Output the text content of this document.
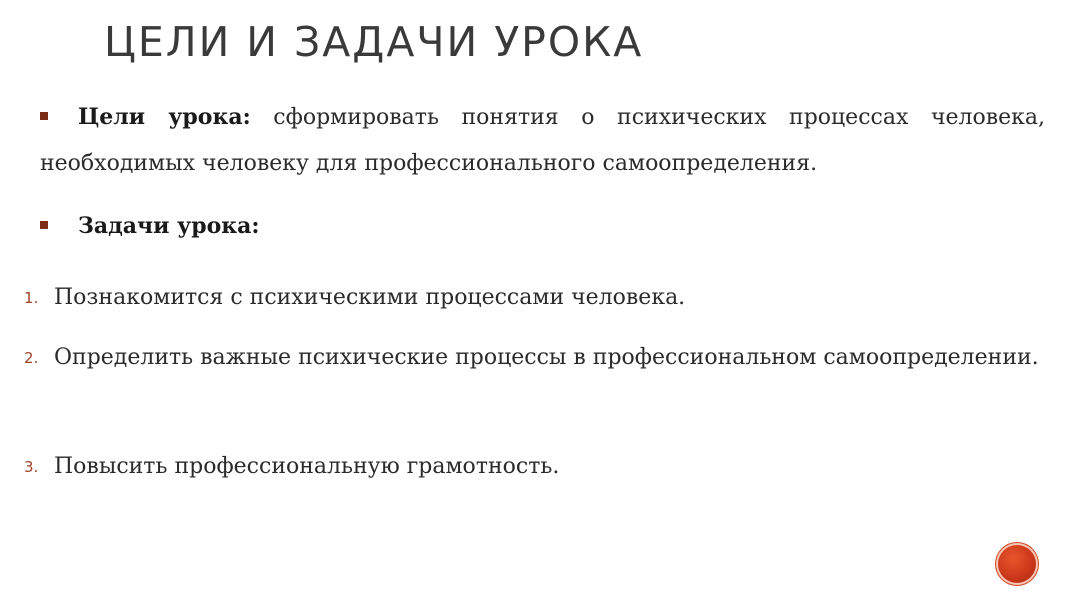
ЦЕЛИ И ЗАДАЧИ УРОКА
Цели урока: сформировать понятия о психических процессах человека, необходимых человеку для профессионального самоопределения.
Задачи урока:
1. Познакомится с психическими процессами человека.
2. Определить важные психические процессы в профессиональном самоопределении.
3. Повысить профессиональную грамотность.
